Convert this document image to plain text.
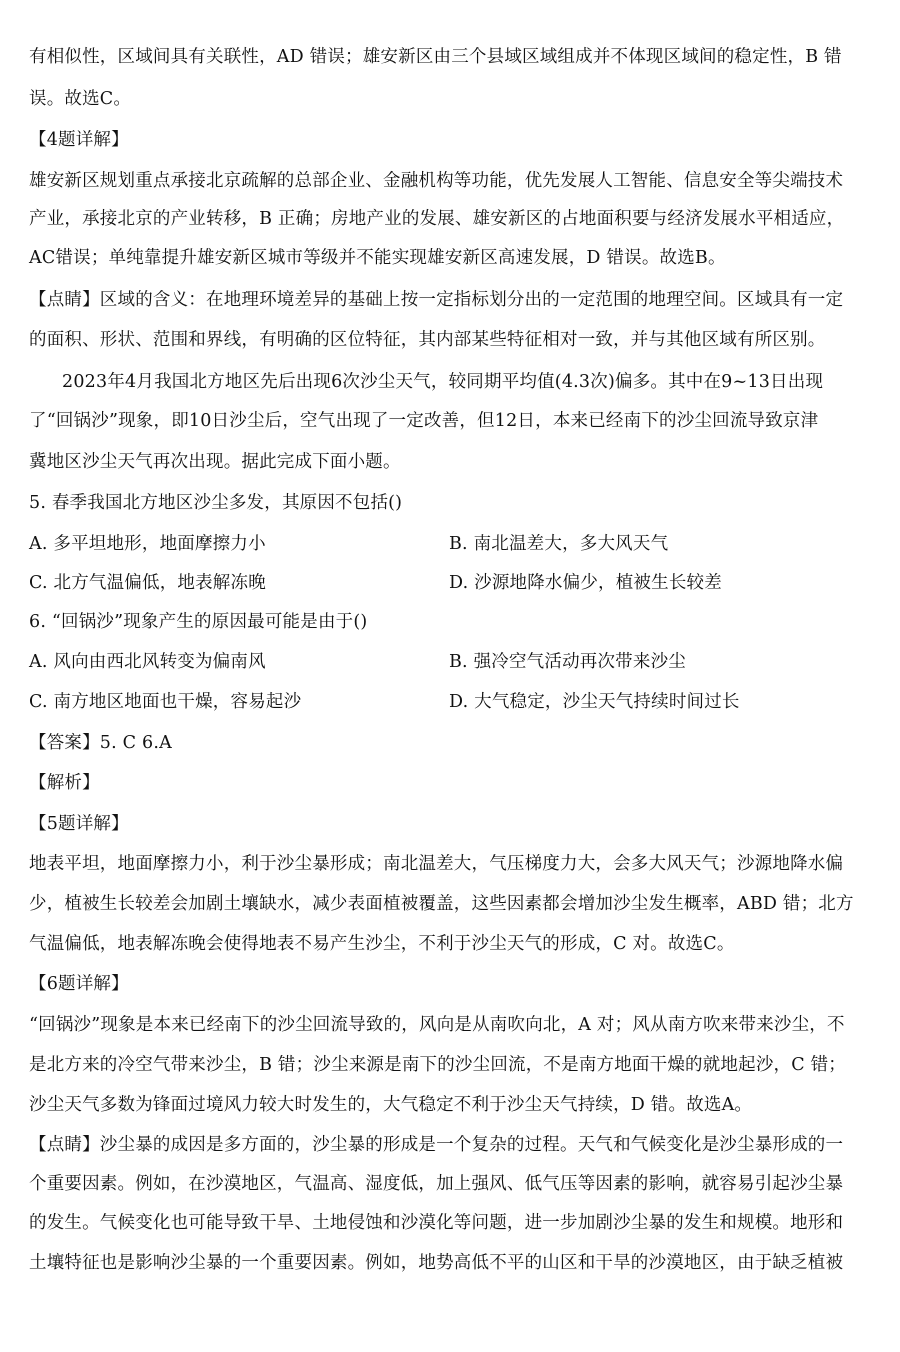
有相似性，区域间具有关联性，AD 错误；雄安新区由三个县域区域组成并不体现区域间的稳定性，B 错
误。故选C。
【4题详解】
雄安新区规划重点承接北京疏解的总部企业、金融机构等功能，优先发展人工智能、信息安全等尖端技术
产业，承接北京的产业转移，B 正确；房地产业的发展、雄安新区的占地面积要与经济发展水平相适应，
AC错误；单纯靠提升雄安新区城市等级并不能实现雄安新区高速发展，D 错误。故选B。
【点睛】区域的含义：在地理环境差异的基础上按一定指标划分出的一定范围的地理空间。区域具有一定
的面积、形状、范围和界线，有明确的区位特征，其内部某些特征相对一致，并与其他区域有所区别。
2023年4月我国北方地区先后出现6次沙尘天气，较同期平均值(4.3次)偏多。其中在9~13日出现
了“回锅沙”现象，即10日沙尘后，空气出现了一定改善，但12日，本来已经南下的沙尘回流导致京津
冀地区沙尘天气再次出现。据此完成下面小题。
5. 春季我国北方地区沙尘多发，其原因不包括()
A. 多平坦地形，地面摩擦力小	B. 南北温差大，多大风天气
C. 北方气温偏低，地表解冻晚	D. 沙源地降水偏少，植被生长较差
6. “回锅沙”现象产生的原因最可能是由于()
A. 风向由西北风转变为偏南风	B. 强冷空气活动再次带来沙尘
C. 南方地区地面也干燥，容易起沙	D. 大气稳定，沙尘天气持续时间过长
【答案】5. C 6.A
【解析】
【5题详解】
地表平坦，地面摩擦力小，利于沙尘暴形成；南北温差大，气压梯度力大，会多大风天气；沙源地降水偏
少，植被生长较差会加剧土壤缺水，减少表面植被覆盖，这些因素都会增加沙尘发生概率，ABD 错；北方
气温偏低，地表解冻晚会使得地表不易产生沙尘，不利于沙尘天气的形成，C 对。故选C。
【6题详解】
“回锅沙”现象是本来已经南下的沙尘回流导致的，风向是从南吹向北，A 对；风从南方吹来带来沙尘，不
是北方来的冷空气带来沙尘，B 错；沙尘来源是南下的沙尘回流，不是南方地面干燥的就地起沙，C 错；
沙尘天气多数为锋面过境风力较大时发生的，大气稳定不利于沙尘天气持续，D 错。故选A。
【点睛】沙尘暴的成因是多方面的，沙尘暴的形成是一个复杂的过程。天气和气候变化是沙尘暴形成的一
个重要因素。例如，在沙漠地区，气温高、湿度低，加上强风、低气压等因素的影响，就容易引起沙尘暴
的发生。气候变化也可能导致干旱、土地侵蚀和沙漠化等问题，进一步加剧沙尘暴的发生和规模。地形和
土壤特征也是影响沙尘暴的一个重要因素。例如，地势高低不平的山区和干旱的沙漠地区，由于缺乏植被
